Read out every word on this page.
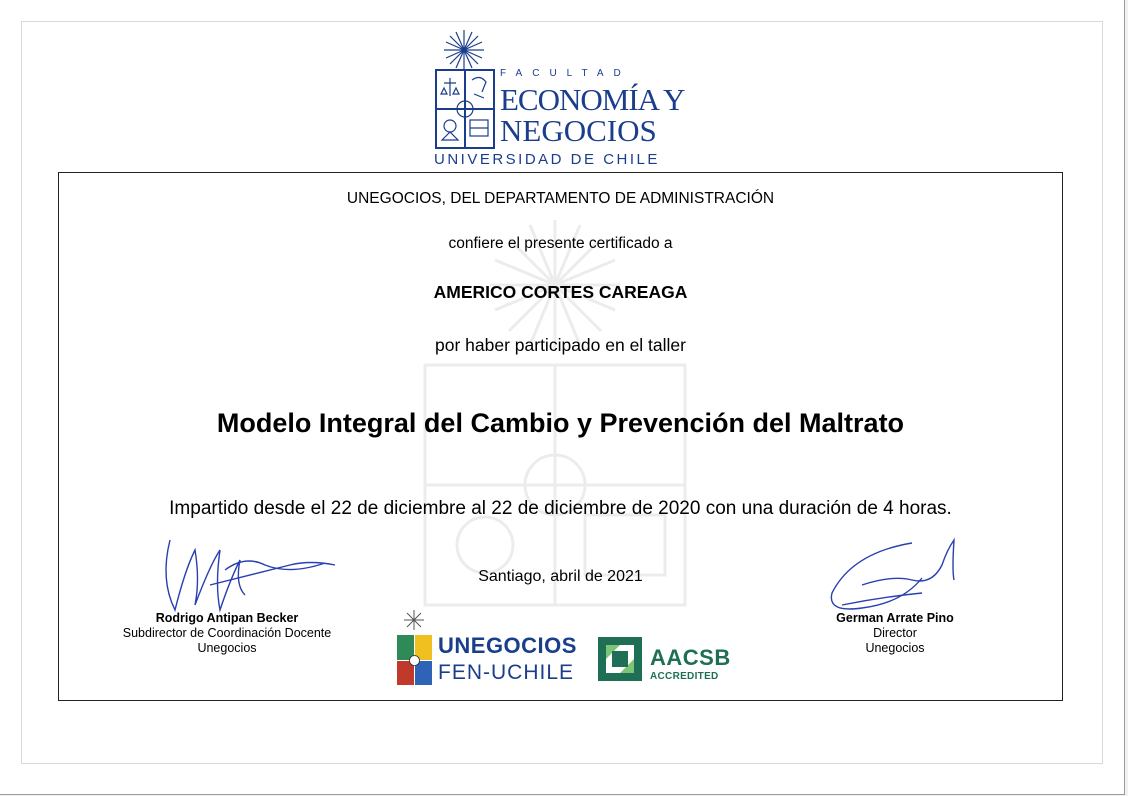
FACULTAD
ECONOMÍA Y
NEGOCIOS
UNIVERSIDAD DE CHILE
UNEGOCIOS, DEL DEPARTAMENTO DE ADMINISTRACIÓN
confiere el presente certificado a
AMERICO CORTES CAREAGA
por haber participado en el taller
Modelo Integral del Cambio y Prevención del Maltrato
Impartido desde el 22 de diciembre al 22 de diciembre de 2020 con una duración de 4 horas.
Santiago, abril de 2021
Rodrigo Antipan Becker
Subdirector de Coordinación Docente
Unegocios
German Arrate Pino
Director
Unegocios
UNEGOCIOS
FEN-UCHILE
AACSB
ACCREDITED
